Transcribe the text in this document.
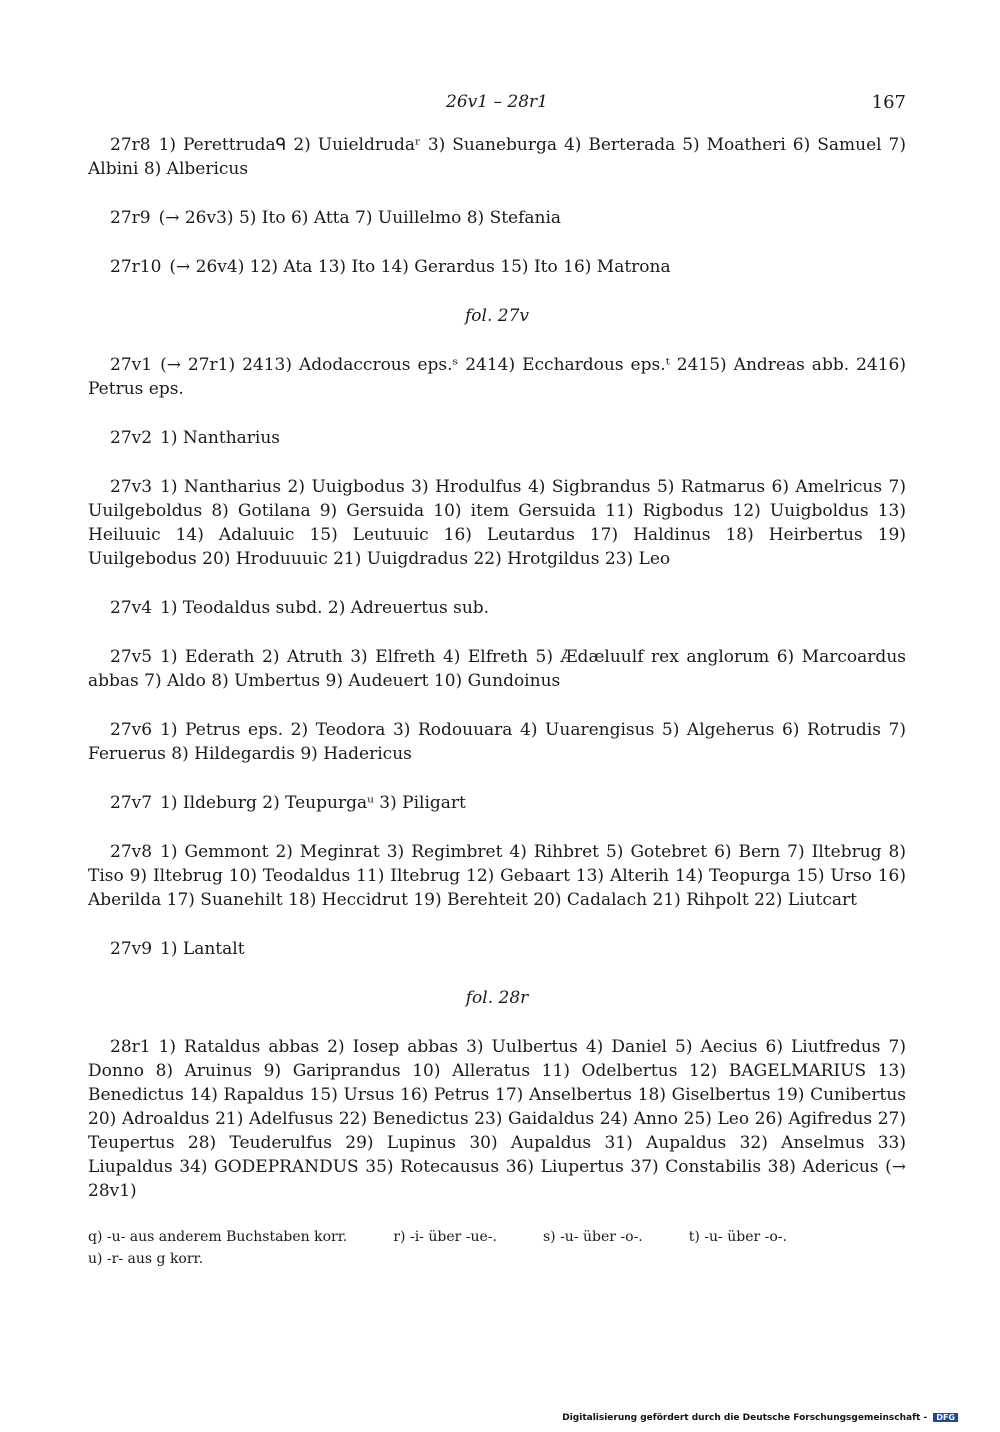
26v1 – 28r1	167
27r8 1) Perettrudaᑫ 2) Uuieldrudaʳ 3) Suaneburga 4) Berterada 5) Moatheri 6) Samuel 7) Albini 8) Albericus
27r9 (→ 26v3) 5) Ito 6) Atta 7) Uuillelmo 8) Stefania
27r10 (→ 26v4) 12) Ata 13) Ito 14) Gerardus 15) Ito 16) Matrona
fol. 27v
27v1 (→ 27r1) 2413) Adodaccrous eps.ˢ 2414) Ecchardous eps.ᵗ 2415) Andreas abb. 2416) Petrus eps.
27v2 1) Nantharius
27v3 1) Nantharius 2) Uuigbodus 3) Hrodulfus 4) Sigbrandus 5) Ratmarus 6) Amelricus 7) Uuilgeboldus 8) Gotilana 9) Gersuida 10) item Gersuida 11) Rigbodus 12) Uuigboldus 13) Heiluuic 14) Adaluuic 15) Leutuuic 16) Leutardus 17) Haldinus 18) Heirbertus 19) Uuilgebodus 20) Hroduuuic 21) Uuigdradus 22) Hrotgildus 23) Leo
27v4 1) Teodaldus subd. 2) Adreuertus sub.
27v5 1) Ederath 2) Atruth 3) Elfreth 4) Elfreth 5) Ædæluulf rex anglorum 6) Marcoardus abbas 7) Aldo 8) Umbertus 9) Audeuert 10) Gundoinus
27v6 1) Petrus eps. 2) Teodora 3) Rodouuara 4) Uuarengisus 5) Algeherus 6) Rotrudis 7) Feruerus 8) Hildegardis 9) Hadericus
27v7 1) Ildeburg 2) Teupurgaᵘ 3) Piligart
27v8 1) Gemmont 2) Meginrat 3) Regimbret 4) Rihbret 5) Gotebret 6) Bern 7) Iltebrug 8) Tiso 9) Iltebrug 10) Teodaldus 11) Iltebrug 12) Gebaart 13) Alterih 14) Teopurga 15) Urso 16) Aberilda 17) Suanehilt 18) Heccidrut 19) Berehteit 20) Cadalach 21) Rihpolt 22) Liutcart
27v9 1) Lantalt
fol. 28r
28r1 1) Rataldus abbas 2) Iosep abbas 3) Uulbertus 4) Daniel 5) Aecius 6) Liutfredus 7) Donno 8) Aruinus 9) Gariprandus 10) Alleratus 11) Odelbertus 12) BAGELMARIUS 13) Benedictus 14) Rapaldus 15) Ursus 16) Petrus 17) Anselbertus 18) Giselbertus 19) Cunibertus 20) Adroaldus 21) Adelfusus 22) Benedictus 23) Gaidaldus 24) Anno 25) Leo 26) Agifredus 27) Teupertus 28) Teuderulfus 29) Lupinus 30) Aupaldus 31) Aupaldus 32) Anselmus 33) Liupaldus 34) GODEPRANDUS 35) Rotecausus 36) Liupertus 37) Constabilis 38) Adericus (→ 28v1)
q) -u- aus anderem Buchstaben korr.	r) -i- über -ue-.	s) -u- über -o-.	t) -u- über -o-.u) -r- aus g korr.
Digitalisierung gefördert durch die Deutsche Forschungsgemeinschaft - DFG
